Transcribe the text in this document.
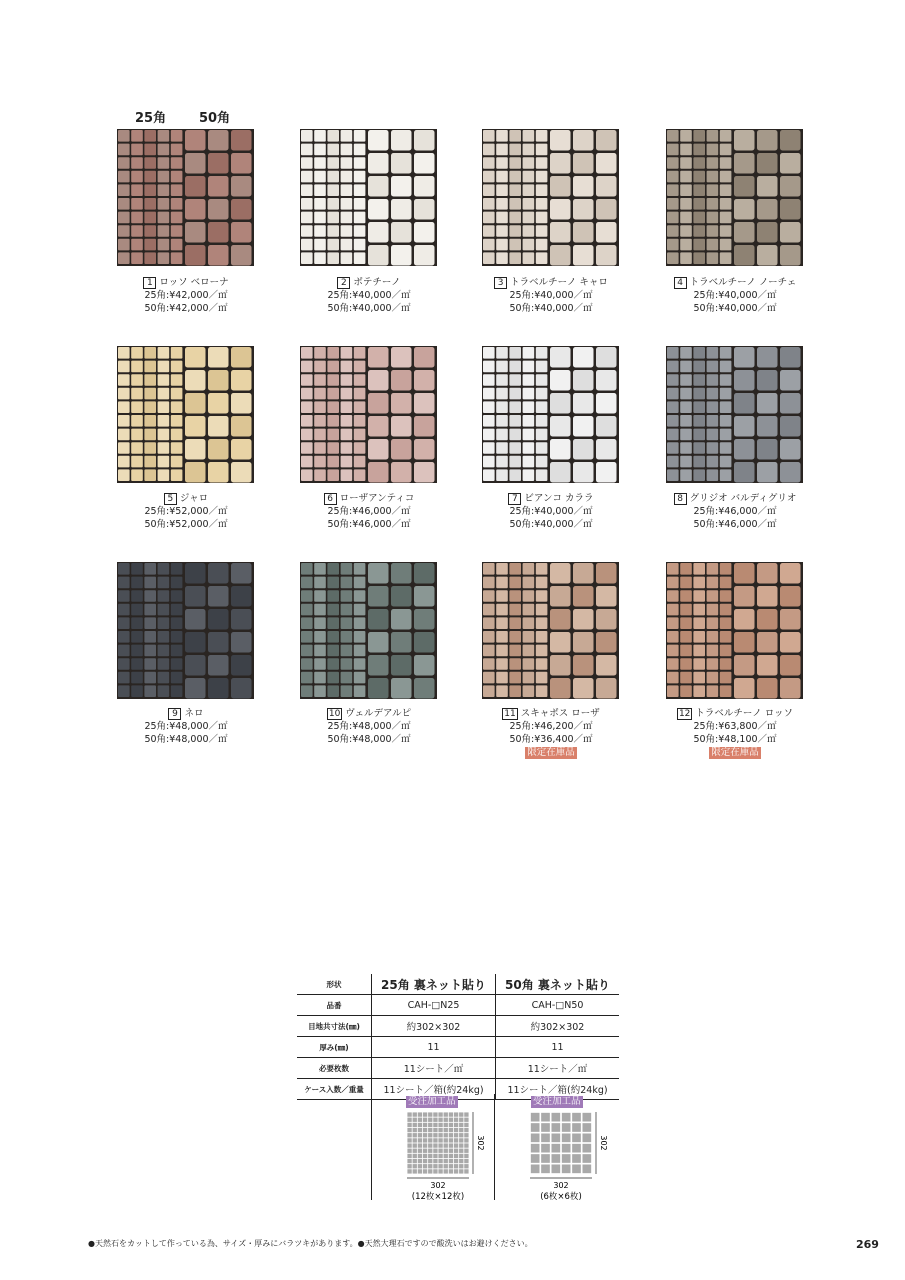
25角	50角
1 ロッソ ベローナ
25角:¥42,000／㎡
50角:¥42,000／㎡
2 ボテチーノ
25角:¥40,000／㎡
50角:¥40,000／㎡
3 トラベルチーノ キャロ
25角:¥40,000／㎡
50角:¥40,000／㎡
4 トラベルチーノ ノーチェ
25角:¥40,000／㎡
50角:¥40,000／㎡
5 ジャロ
25角:¥52,000／㎡
50角:¥52,000／㎡
6 ローザアンティコ
25角:¥46,000／㎡
50角:¥46,000／㎡
7 ビアンコ カララ
25角:¥40,000／㎡
50角:¥40,000／㎡
8 グリジオ バルディグリオ
25角:¥46,000／㎡
50角:¥46,000／㎡
9 ネロ
25角:¥48,000／㎡
50角:¥48,000／㎡
10 ヴェルデアルピ
25角:¥48,000／㎡
50角:¥48,000／㎡
11 スキャボス ローザ
25角:¥46,200／㎡
50角:¥36,400／㎡
限定在庫品
12 トラベルチーノ ロッソ
25角:¥63,800／㎡
50角:¥48,100／㎡
限定在庫品
形状	25角 裏ネット貼り	50角 裏ネット貼り
品番	CAH-□N25	CAH-□N50
目地共寸法(㎜)	約302×302	約302×302
厚み(㎜)	11	11
必要枚数	11シート／㎡	11シート／㎡
ケース入数／重量	11シート／箱(約24kg)	11シート／箱(約24kg)
受注加工品
302
302
(12枚×12枚)
受注加工品
302
302
(6枚×6枚)
●天然石をカットして作っている為、サイズ・厚みにバラツキがあります。●天然大理石ですので酸洗いはお避けください。	269
